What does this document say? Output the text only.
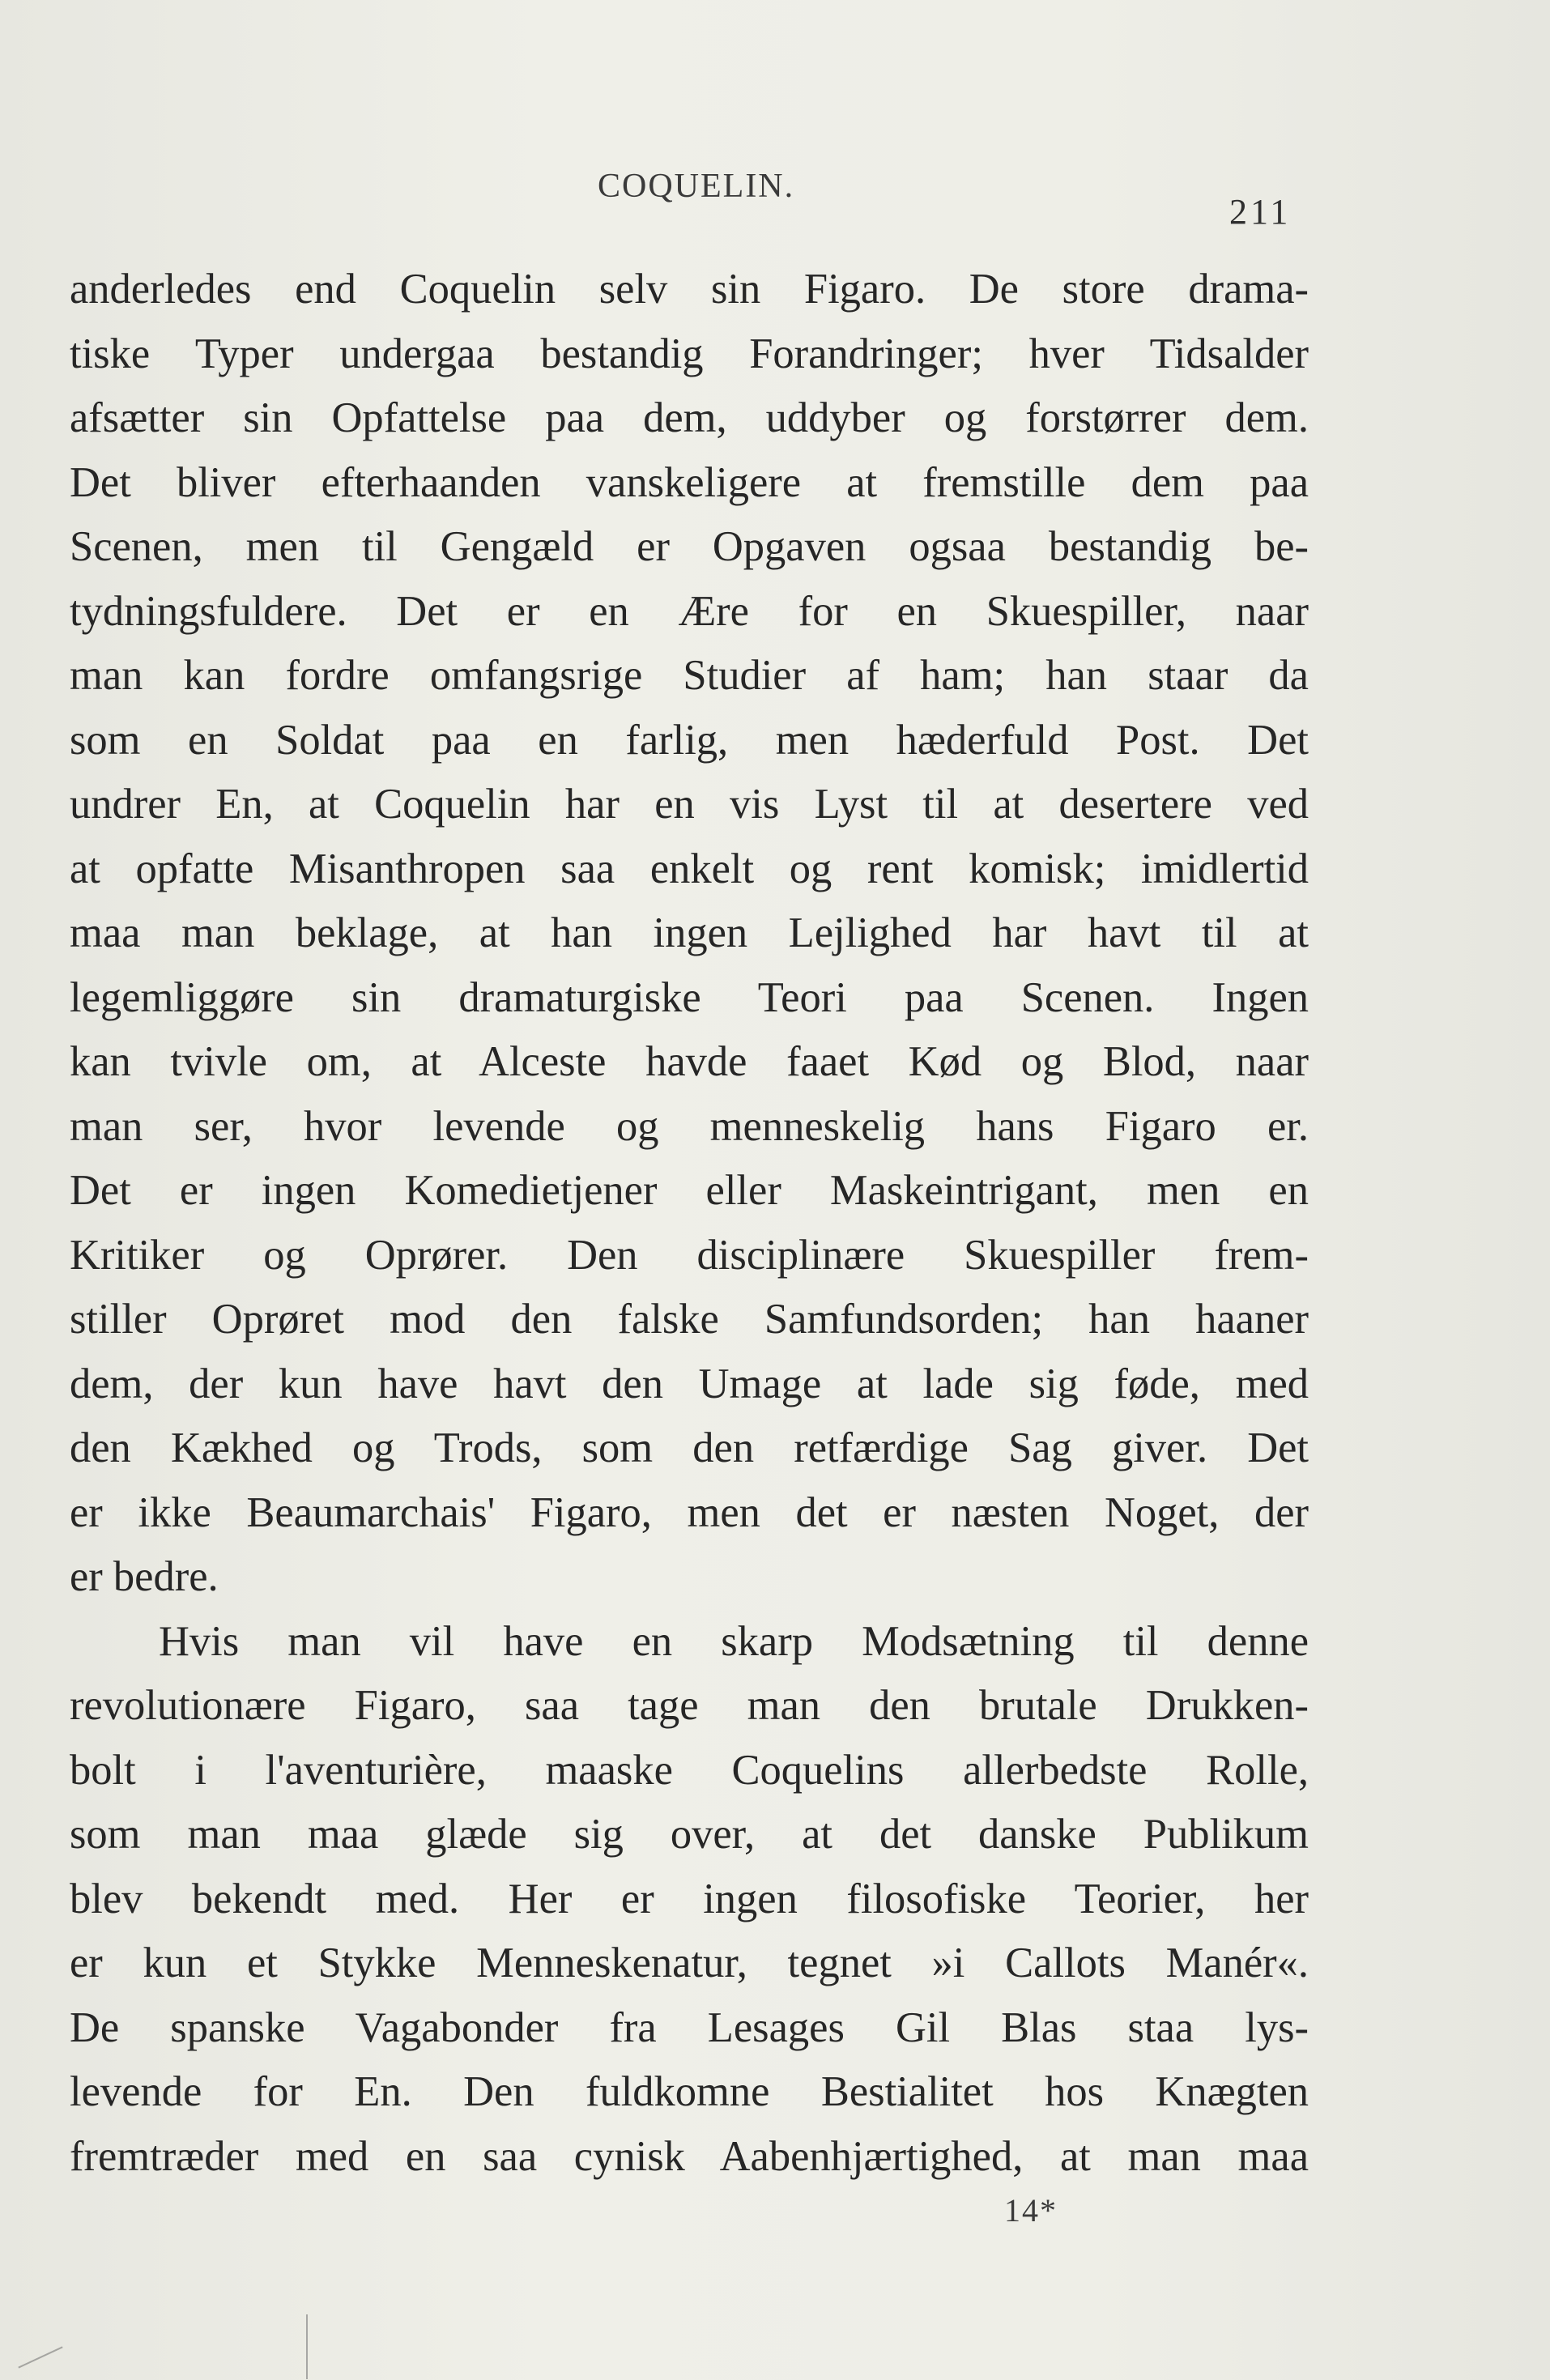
COQUELIN.
211
anderledes end Coquelin selv sin Figaro. De store drama-
tiske Typer undergaa bestandig Forandringer; hver Tidsalder
afsætter sin Opfattelse paa dem, uddyber og forstørrer dem.
Det bliver efterhaanden vanskeligere at fremstille dem paa
Scenen, men til Gengæld er Opgaven ogsaa bestandig be-
tydningsfuldere. Det er en Ære for en Skuespiller, naar
man kan fordre omfangsrige Studier af ham; han staar da
som en Soldat paa en farlig, men hæderfuld Post. Det
undrer En, at Coquelin har en vis Lyst til at desertere ved
at opfatte Misanthropen saa enkelt og rent komisk; imidlertid
maa man beklage, at han ingen Lejlighed har havt til at
legemliggøre sin dramaturgiske Teori paa Scenen. Ingen
kan tvivle om, at Alceste havde faaet Kød og Blod, naar
man ser, hvor levende og menneskelig hans Figaro er.
Det er ingen Komedietjener eller Maskeintrigant, men en
Kritiker og Oprører. Den disciplinære Skuespiller frem-
stiller Oprøret mod den falske Samfundsorden; han haaner
dem, der kun have havt den Umage at lade sig føde, med
den Kækhed og Trods, som den retfærdige Sag giver. Det
er ikke Beaumarchais' Figaro, men det er næsten Noget, der
er bedre.
Hvis man vil have en skarp Modsætning til denne
revolutionære Figaro, saa tage man den brutale Drukken-
bolt i l'aventurière, maaske Coquelins allerbedste Rolle,
som man maa glæde sig over, at det danske Publikum
blev bekendt med. Her er ingen filosofiske Teorier, her
er kun et Stykke Menneskenatur, tegnet »i Callots Manér«.
De spanske Vagabonder fra Lesages Gil Blas staa lys-
levende for En. Den fuldkomne Bestialitet hos Knægten
fremtræder med en saa cynisk Aabenhjærtighed, at man maa
14*
